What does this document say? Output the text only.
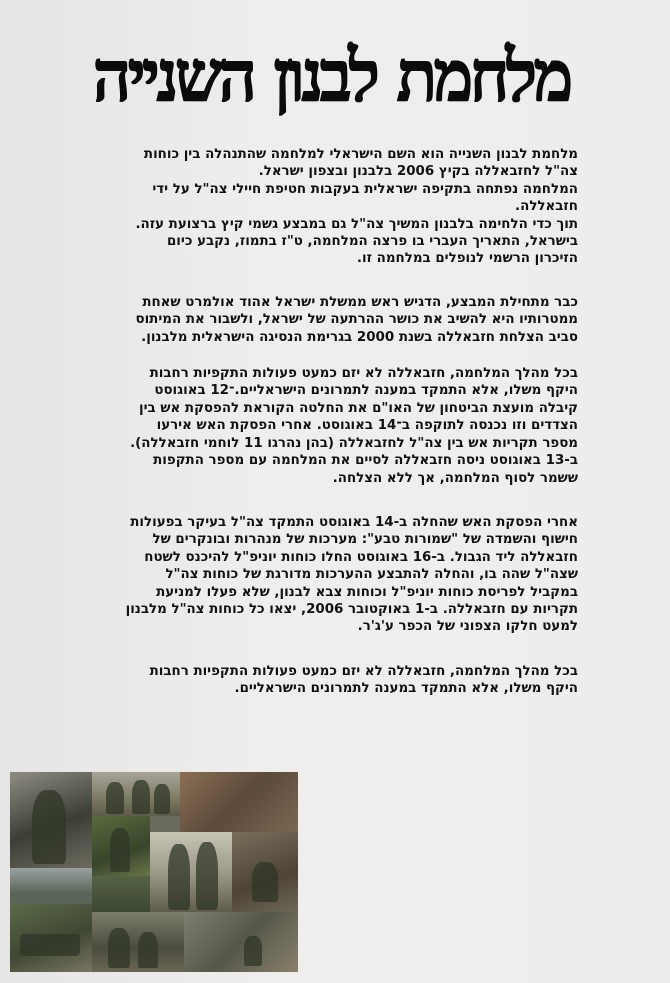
מלחמת לבנון השנייה

מלחמת לבנון השנייה הוא השם הישראלי למלחמה שהתנהלה בין כוחות
צה"ל לחזבאללה בקיץ 2006 בלבנון ובצפון ישראל.
המלחמה נפתחה בתקיפה ישראלית בעקבות חטיפת חיילי צה"ל על ידי
חזבאללה.
תוך כדי הלחימה בלבנון המשיך צה"ל גם במבצע גשמי קיץ ברצועת עזה.
בישראל, התאריך העברי בו פרצה המלחמה, ט"ז בתמוז, נקבע כיום
הזיכרון הרשמי לנופלים במלחמה זו.

כבר מתחילת המבצע, הדגיש ראש ממשלת ישראל אהוד אולמרט שאחת
ממטרותיו היא להשיב את כושר ההרתעה של ישראל, ולשבור את המיתוס
סביב הצלחת חזבאללה בשנת 2000 בגרימת הנסיגה הישראלית מלבנון.

בכל מהלך המלחמה, חזבאללה לא יזם כמעט פעולות התקפיות רחבות
היקף משלו, אלא התמקד במענה לתמרונים הישראליים.־12 באוגוסט
קיבלה מועצת הביטחון של האו"ם את החלטה הקוראת להפסקת אש בין
הצדדים וזו נכנסה לתוקפה ב־14 באוגוסט. אחרי הפסקת האש אירעו
מספר תקריות אש בין צה"ל לחזבאללה (בהן נהרגו 11 לוחמי חזבאללה).
ב-13 באוגוסט ניסה חזבאללה לסיים את המלחמה עם מספר התקפות
ששמר לסוף המלחמה, אך ללא הצלחה.

אחרי הפסקת האש שהחלה ב-14 באוגוסט התמקד צה"ל בעיקר בפעולות
חישוף והשמדה של "שמורות טבע": מערכות של מנהרות ובונקרים של
חזבאללה ליד הגבול. ב-16 באוגוסט החלו כוחות יוניפ"ל להיכנס לשטח
שצה"ל שהה בו, והחלה להתבצע ההערכות מדורגת של כוחות צה"ל
במקביל לפריסת כוחות יוניפ"ל וכוחות צבא לבנון, שלא פעלו למניעת
תקריות עם חזבאללה. ב-1 באוקטובר 2006, יצאו כל כוחות צה"ל מלבנון
למעט חלקו הצפוני של הכפר ע'ג'ר.

בכל מהלך המלחמה, חזבאללה לא יזם כמעט פעולות התקפיות רחבות
היקף משלו, אלא התמקד במענה לתמרונים הישראליים.
